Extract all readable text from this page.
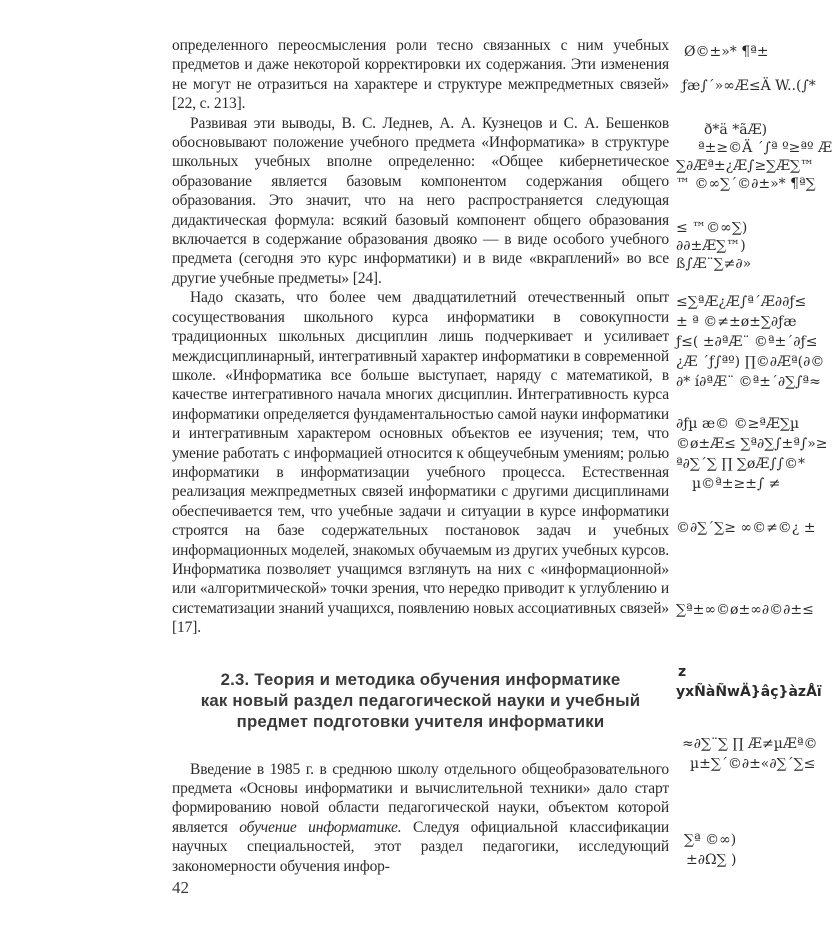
определенного переосмысления роли тесно связанных с ним учебных предметов и даже некоторой корректировки их содержания. Эти изменения не могут не отразиться на характере и структуре межпредметных связей» [22, с. 213].

Развивая эти выводы, В. С. Леднев, А. А. Кузнецов и С. А. Бешенков обосновывают положение учебного предмета «Информатика» в структуре школьных учебных вполне определенно: «Общее кибернетическое образование является базовым компонентом содержания общего образования. Это значит, что на него распространяется следующая дидактическая формула: всякий базовый компонент общего образования включается в содержание образования двояко — в виде особого учебного предмета (сегодня это курс информатики) и в виде «вкраплений» во все другие учебные предметы» [24].

Надо сказать, что более чем двадцатилетний отечественный опыт сосуществования школьного курса информатики в совокупности традиционных школьных дисциплин лишь подчеркивает и усиливает междисциплинарный, интегративный характер информатики в современной школе. «Информатика все больше выступает, наряду с математикой, в качестве интегративного начала многих дисциплин. Интегративность курса информатики определяется фундаментальностью самой науки информатики и интегративным характером основных объектов ее изучения; тем, что умение работать с информацией относится к общеучебным умениям; ролью информатики в информатизации учебного процесса. Естественная реализация межпредметных связей информатики с другими дисциплинами обеспечивается тем, что учебные задачи и ситуации в курсе информатики строятся на базе содержательных постановок задач и учебных информационных моделей, знакомых обучаемым из других учебных курсов. Информатика позволяет учащимся взглянуть на них с «информационной» или «алгоритмической» точки зрения, что нередко приводит к углублению и систематизации знаний учащихся, появлению новых ассоциативных связей» [17].

2.3. Теория и методика обучения информатике
как новый раздел педагогической науки и учебный
предмет подготовки учителя информатики

Введение в 1985 г. в среднюю школу отдельного общеобразовательного предмета «Основы информатики и вычислительной техники» дало старт формированию новой области педагогической науки, объектом которой является обучение информатике. Следуя официальной классификации научных специальностей, этот раздел педагогики, исследующий закономерности обучения инфор-

42
Ø©±»* ¶ª±
ƒæ∫´»∞Æ≤Ä W..(∫*
ð*ä *ãÆ)
ª±≥©Ä ´∫ª º≥ªº Æ
∑∂Æª±¿Æ∫≥∑Æ∑™
™ ©∞∑´©∂±»* ¶ª∑
≤ ™©∞∑)
∂∂±Æ∑™)
ß∫Æ¨∑≠∂»
≤∑ªÆ¿Æ∫ª´Æ∂∂ƒ≤
± ª ©≠±ø±∑∂ƒæ
ƒ≤( ±∂ªÆ¨ ©ª±´∂ƒ≤
¿Æ ´ƒ∫ªº) ∏©∂Æª(∂©
∂* í∂ªÆ¨ ©ª±´∂∑∫ª≈
∂ƒµ æ© ©≥ªÆ∑µ
©ø±Æ≤ ∑ª∂∑∫±ª∫»≥
ª∂∑´∑ ∏ ∑øÆ∫∫©*
µ©ª±≥±∫ ≠
©∂∑´∑≥ ∞©≠©¿ ±
∑ª±∞©ø±∞∂©∂±≤
z
yxÑàÑwÄ}âç}àzÅï
≈∂∑¨∑ ∏ Æ≠µÆª©
µ±∑´©∂±«∂∑´∑≤
∑ª ©∞)
±∂Ω∑ )
